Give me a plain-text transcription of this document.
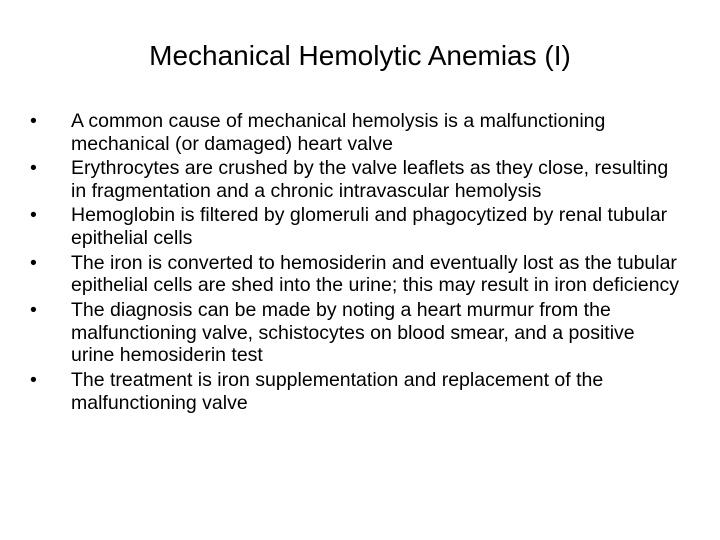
Mechanical Hemolytic Anemias (I)
•	A common cause of mechanical hemolysis is a malfunctioning mechanical (or damaged) heart valve
•	Erythrocytes are crushed by the valve leaflets as they close, resulting in fragmentation and a chronic intravascular hemolysis
•	Hemoglobin is filtered by glomeruli and phagocytized by renal tubular epithelial cells
•	The iron is converted to hemosiderin and eventually lost as the tubular epithelial cells are shed into the urine; this may result in iron deficiency
•	The diagnosis can be made by noting a heart murmur from the malfunctioning valve, schistocytes on blood smear, and a positive urine hemosiderin test
•	The treatment is iron supplementation and replacement of the malfunctioning valve
